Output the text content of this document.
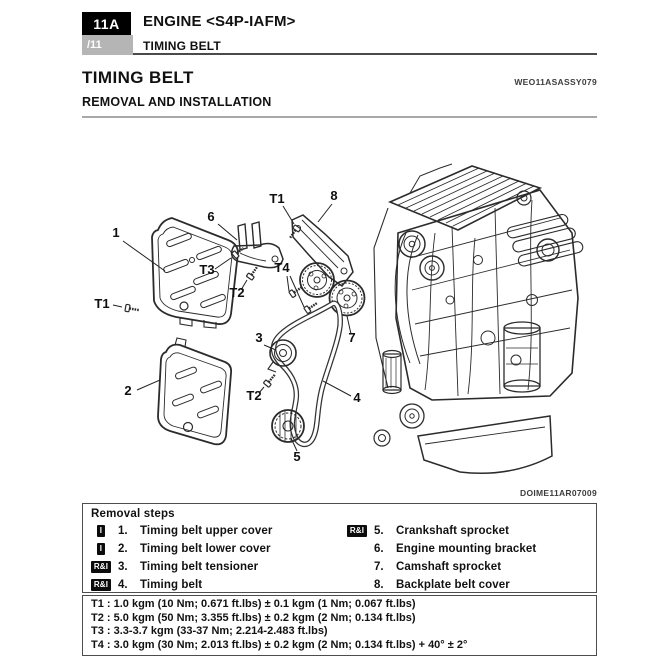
11A
/11
ENGINE <S4P-IAFM>
TIMING BELT
TIMING BELT	WEO11ASASSY079
REMOVAL AND INSTALLATION
1
2
3
4
5
6
7
8
T1
T1
T2
T2
T3	T4
DOIME11AR07009
Removal steps
I 1.	Timing belt upper cover
I 2.	Timing belt lower cover
R&I 3.	Timing belt tensioner
R&I 4.	Timing belt
R&I 5.	Crankshaft sprocket
6.	Engine mounting bracket
7.	Camshaft sprocket
8.	Backplate belt cover
T1 : 1.0 kgm (10 Nm; 0.671 ft.lbs) ± 0.1 kgm (1 Nm; 0.067 ft.lbs)
T2 : 5.0 kgm (50 Nm; 3.355 ft.lbs) ± 0.2 kgm (2 Nm; 0.134 ft.lbs)
T3 : 3.3-3.7 kgm (33-37 Nm; 2.214-2.483 ft.lbs)
T4 : 3.0 kgm (30 Nm; 2.013 ft.lbs) ± 0.2 kgm (2 Nm; 0.134 ft.lbs) + 40° ± 2°
